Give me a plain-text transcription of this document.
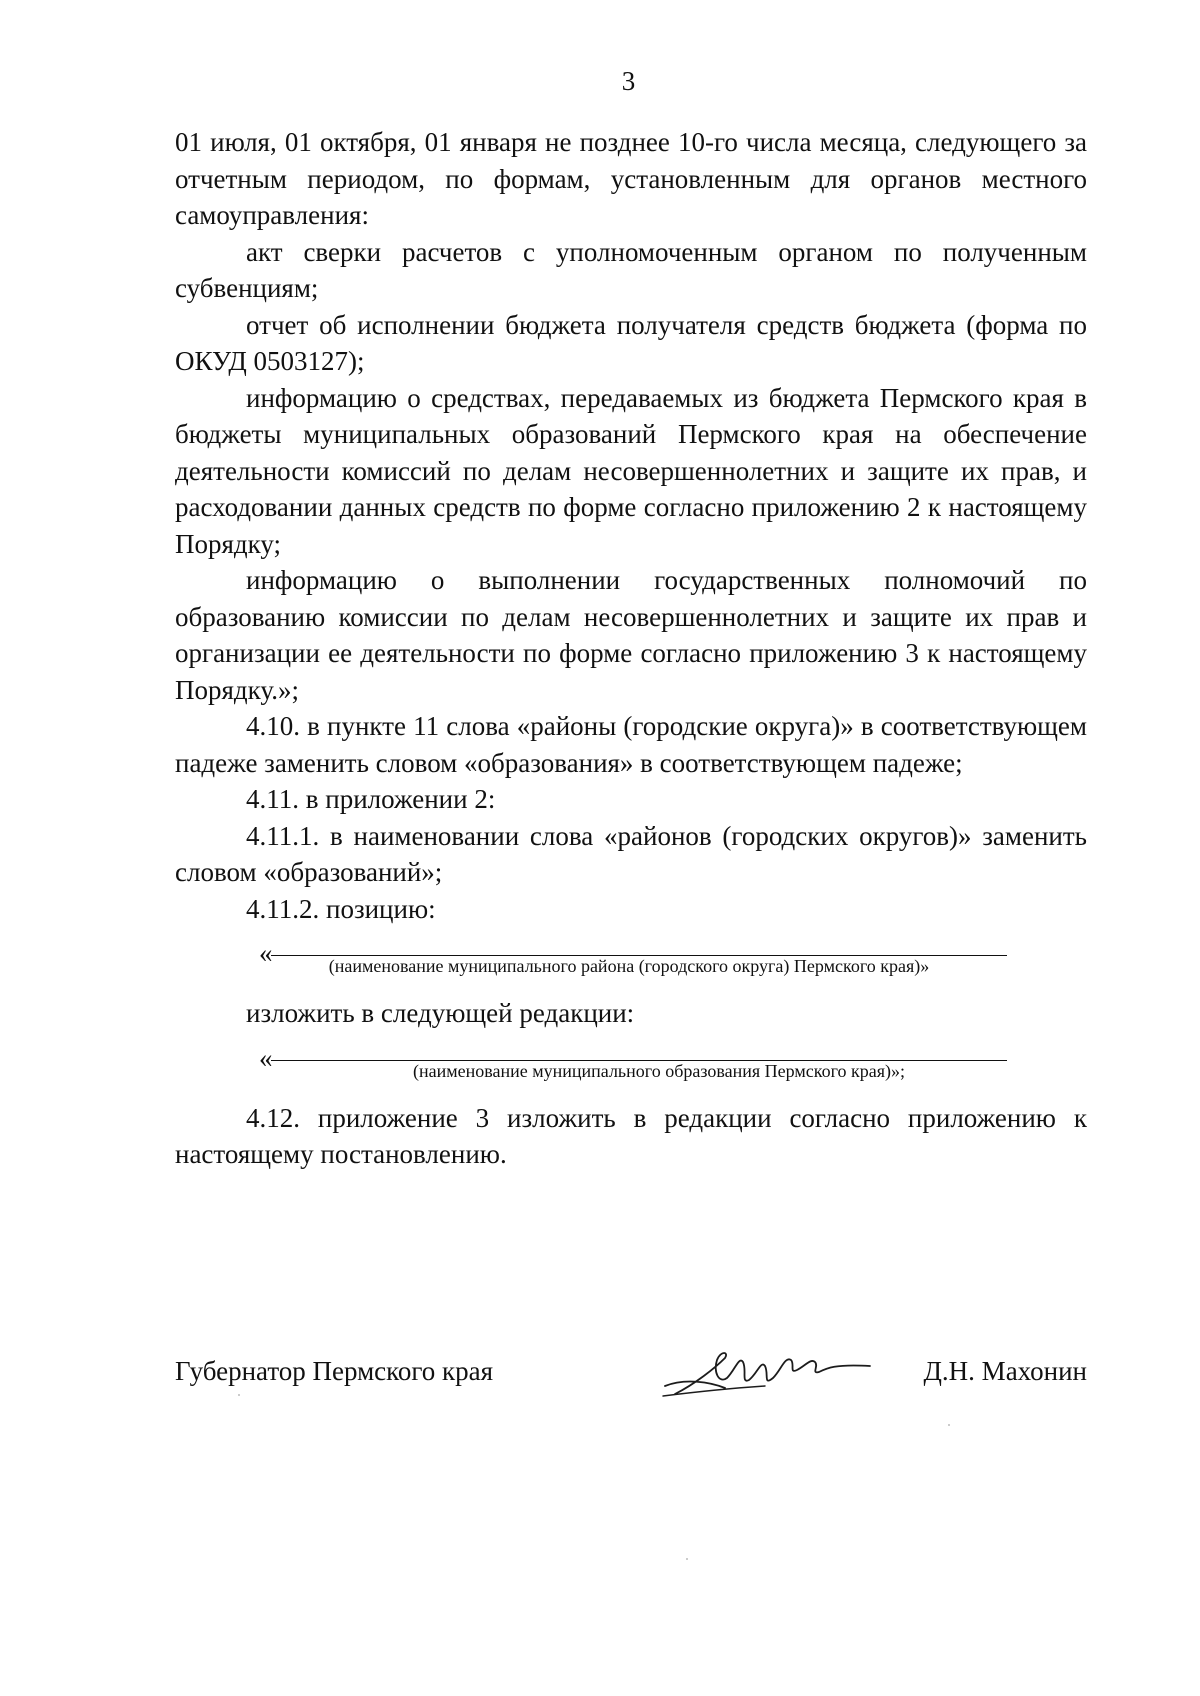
3

01 июля, 01 октября, 01 января не позднее 10-го числа месяца, следующего за отчетным периодом, по формам, установленным для органов местного самоуправления:

акт сверки расчетов с уполномоченным органом по полученным субвенциям;

отчет об исполнении бюджета получателя средств бюджета (форма по ОКУД 0503127);

информацию о средствах, передаваемых из бюджета Пермского края в бюджеты муниципальных образований Пермского края на обеспечение деятельности комиссий по делам несовершеннолетних и защите их прав, и расходовании данных средств по форме согласно приложению 2 к настоящему Порядку;

информацию о выполнении государственных полномочий по образованию комиссии по делам несовершеннолетних и защите их прав и организации ее деятельности по форме согласно приложению 3 к настоящему Порядку.»;

4.10. в пункте 11 слова «районы (городские округа)» в соответствующем падеже заменить словом «образования» в соответствующем падеже;

4.11. в приложении 2:

4.11.1. в наименовании слова «районов (городских округов)» заменить словом «образований»;

4.11.2. позицию:

«	(наименование муниципального района (городского округа) Пермского края)»

изложить в следующей редакции:

«	(наименование муниципального образования Пермского края)»;

4.12. приложение 3 изложить в редакции согласно приложению к настоящему постановлению.

Губернатор Пермского края	Д.Н. Махонин
